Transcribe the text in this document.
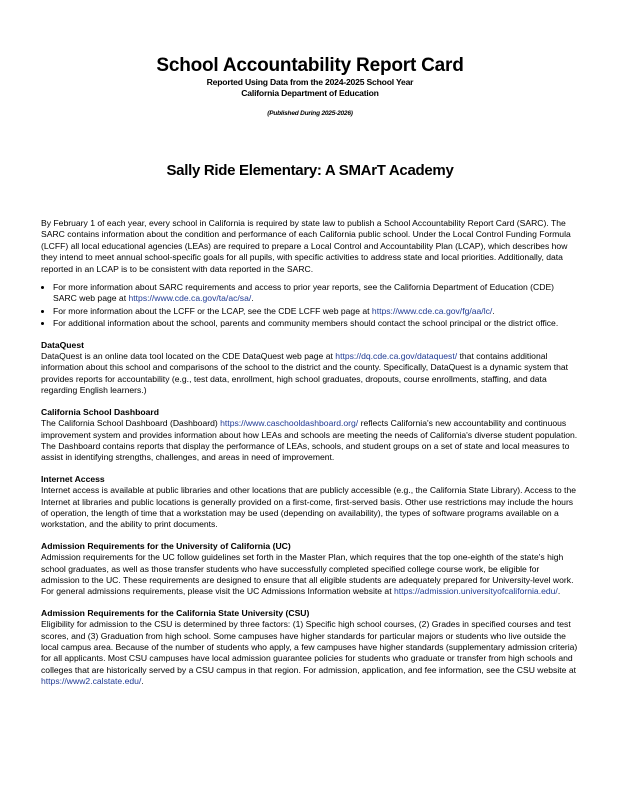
School Accountability Report Card

Reported Using Data from the 2024-2025 School Year

California Department of Education

(Published During 2025-2026)

Sally Ride Elementary: A SMArT Academy

By February 1 of each year, every school in California is required by state law to publish a School Accountability Report Card (SARC). The SARC contains information about the condition and performance of each California public school. Under the Local Control Funding Formula (LCFF) all local educational agencies (LEAs) are required to prepare a Local Control and Accountability Plan (LCAP), which describes how they intend to meet annual school-specific goals for all pupils, with specific activities to address state and local priorities. Additionally, data reported in an LCAP is to be consistent with data reported in the SARC.

• For more information about SARC requirements and access to prior year reports, see the California Department of Education (CDE) SARC web page at https://www.cde.ca.gov/ta/ac/sa/.
• For more information about the LCFF or the LCAP, see the CDE LCFF web page at https://www.cde.ca.gov/fg/aa/lc/.
• For additional information about the school, parents and community members should contact the school principal or the district office.

DataQuest

DataQuest is an online data tool located on the CDE DataQuest web page at https://dq.cde.ca.gov/dataquest/ that contains additional information about this school and comparisons of the school to the district and the county. Specifically, DataQuest is a dynamic system that provides reports for accountability (e.g., test data, enrollment, high school graduates, dropouts, course enrollments, staffing, and data regarding English learners.)

California School Dashboard

The California School Dashboard (Dashboard) https://www.caschooldashboard.org/ reflects California's new accountability and continuous improvement system and provides information about how LEAs and schools are meeting the needs of California's diverse student population. The Dashboard contains reports that display the performance of LEAs, schools, and student groups on a set of state and local measures to assist in identifying strengths, challenges, and areas in need of improvement.

Internet Access

Internet access is available at public libraries and other locations that are publicly accessible (e.g., the California State Library). Access to the Internet at libraries and public locations is generally provided on a first-come, first-served basis. Other use restrictions may include the hours of operation, the length of time that a workstation may be used (depending on availability), the types of software programs available on a workstation, and the ability to print documents.

Admission Requirements for the University of California (UC)

Admission requirements for the UC follow guidelines set forth in the Master Plan, which requires that the top one-eighth of the state's high school graduates, as well as those transfer students who have successfully completed specified college course work, be eligible for admission to the UC. These requirements are designed to ensure that all eligible students are adequately prepared for University-level work. For general admissions requirements, please visit the UC Admissions Information website at https://admission.universityofcalifornia.edu/.

Admission Requirements for the California State University (CSU)

Eligibility for admission to the CSU is determined by three factors: (1) Specific high school courses, (2) Grades in specified courses and test scores, and (3) Graduation from high school. Some campuses have higher standards for particular majors or students who live outside the local campus area. Because of the number of students who apply, a few campuses have higher standards (supplementary admission criteria) for all applicants. Most CSU campuses have local admission guarantee policies for students who graduate or transfer from high schools and colleges that are historically served by a CSU campus in that region. For admission, application, and fee information, see the CSU website at https://www2.calstate.edu/.
